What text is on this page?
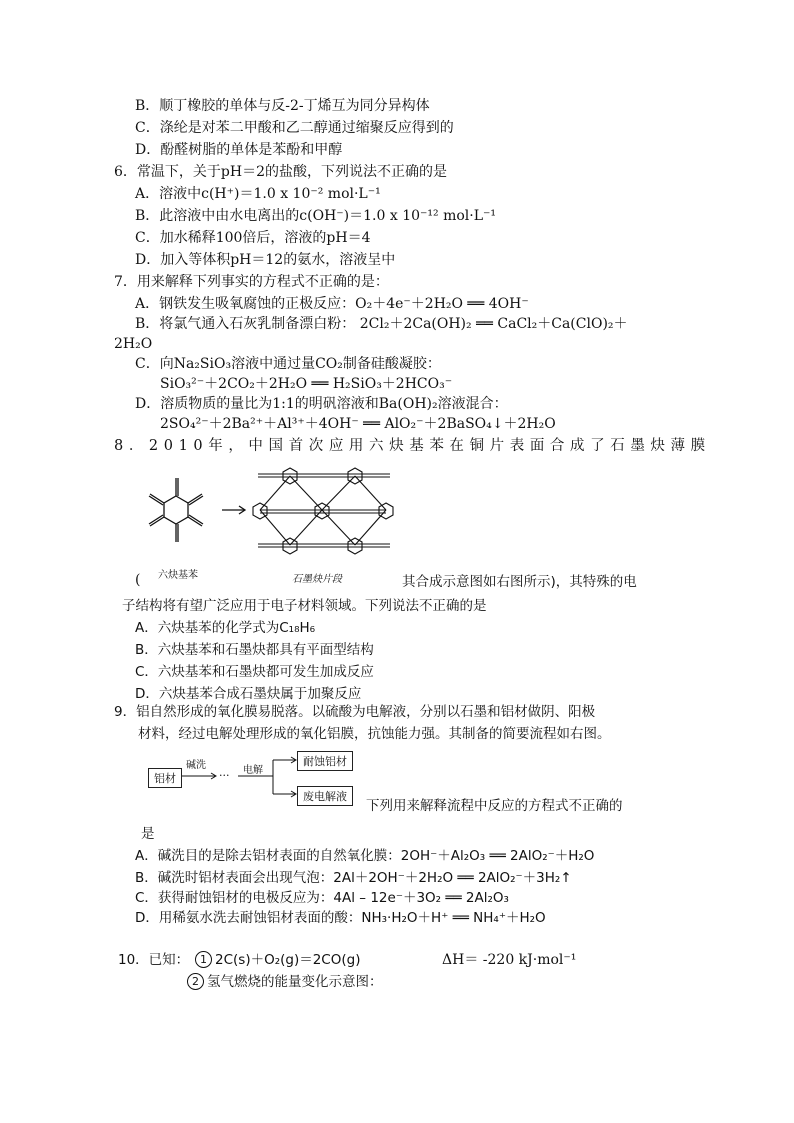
B．顺丁橡胶的单体与反-2-丁烯互为同分异构体
C．涤纶是对苯二甲酸和乙二醇通过缩聚反应得到的
D．酚醛树脂的单体是苯酚和甲醇
6．常温下，关于pH＝2的盐酸，下列说法不正确的是
A．溶液中c(H⁺)＝1.0 x 10⁻² mol·L⁻¹
B．此溶液中由水电离出的c(OH⁻)＝1.0 x 10⁻¹² mol·L⁻¹
C．加水稀释100倍后，溶液的pH＝4
D．加入等体积pH＝12的氨水，溶液呈中
7．用来解释下列事实的方程式不正确的是：
A．钢铁发生吸氧腐蚀的正极反应：O₂＋4e⁻＋2H₂O ══ 4OH⁻
B．将氯气通入石灰乳制备漂白粉： 2Cl₂＋2Ca(OH)₂ ══ CaCl₂＋Ca(ClO)₂＋
2H₂O
C．向Na₂SiO₃溶液中通过量CO₂制备硅酸凝胶：
SiO₃²⁻＋2CO₂＋2H₂O ══ H₂SiO₃＋2HCO₃⁻
D．溶质物质的量比为1:1的明矾溶液和Ba(OH)₂溶液混合：
2SO₄²⁻＋2Ba²⁺＋Al³⁺＋4OH⁻ ══ AlO₂⁻＋2BaSO₄↓＋2H₂O
8．2010年，中国首次应用六炔基苯在铜片表面合成了石墨炔薄膜
( 六炔基苯	石墨炔片段	其合成示意图如右图所示)，其特殊的电
子结构将有望广泛应用于电子材料领域。下列说法不正确的是
A．六炔基苯的化学式为C₁₈H₆
B．六炔基苯和石墨炔都具有平面型结构
C．六炔基苯和石墨炔都可发生加成反应
D．六炔基苯合成石墨炔属于加聚反应
9．铝自然形成的氧化膜易脱落。以硫酸为电解液，分别以石墨和铝材做阴、阳极
材料，经过电解处理形成的氧化铝膜，抗蚀能力强。其制备的简要流程如右图。
铝材
碱洗
··· 电解
耐蚀铝材
废电解液
下列用来解释流程中反应的方程式不正确的
是
A．碱洗目的是除去铝材表面的自然氧化膜：2OH⁻＋Al₂O₃ ══ 2AlO₂⁻＋H₂O
B．碱洗时铝材表面会出现气泡：2Al＋2OH⁻＋2H₂O ══ 2AlO₂⁻＋3H₂↑
C．获得耐蚀铝材的电极反应为：4Al – 12e⁻＋3O₂ ══ 2Al₂O₃
D．用稀氨水洗去耐蚀铝材表面的酸：NH₃·H₂O＋H⁺ ══ NH₄⁺＋H₂O
10．已知： 1 2C(s)＋O₂(g)＝2CO(g)	ΔH＝ -220 kJ·mol⁻¹
2 氢气燃烧的能量变化示意图：
